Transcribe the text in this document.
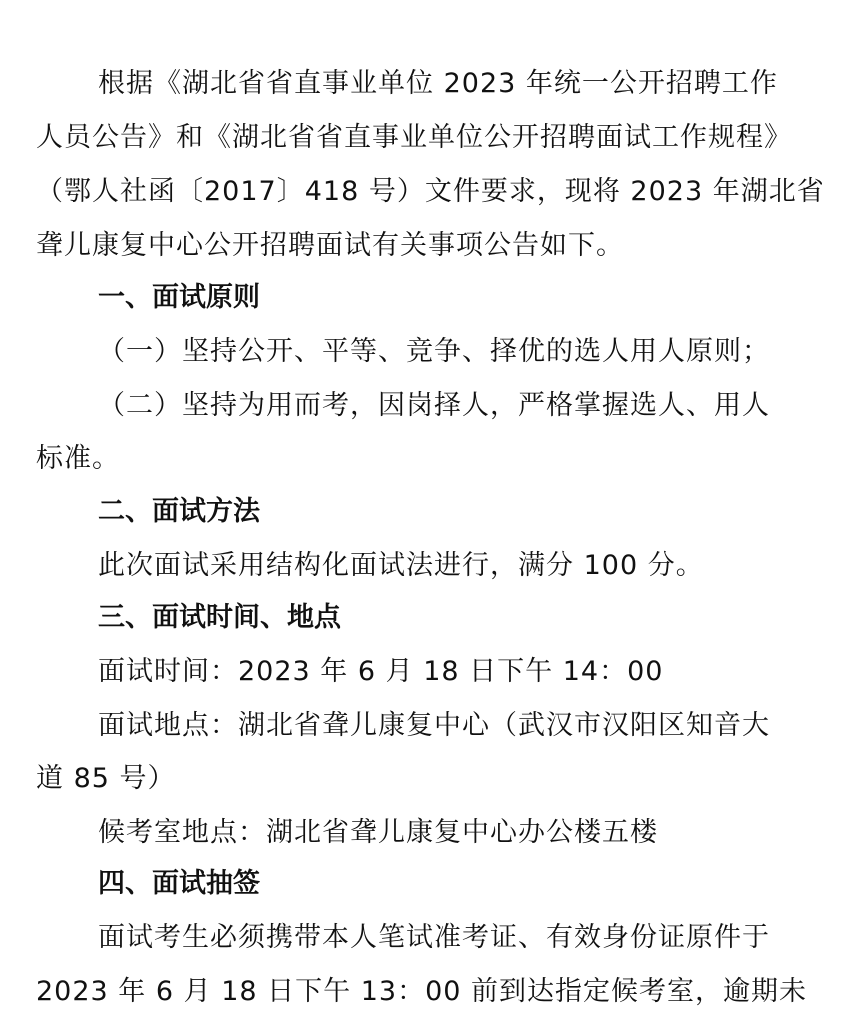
根据《湖北省省直事业单位 2023 年统一公开招聘工作
人员公告》和《湖北省省直事业单位公开招聘面试工作规程》
（鄂人社函〔2017〕418 号）文件要求，现将 2023 年湖北省
聋儿康复中心公开招聘面试有关事项公告如下。
一、面试原则
（一）坚持公开、平等、竞争、择优的选人用人原则；
（二）坚持为用而考，因岗择人，严格掌握选人、用人
标准。
二、面试方法
此次面试采用结构化面试法进行，满分 100 分。
三、面试时间、地点
面试时间：2023 年 6 月 18 日下午 14：00
面试地点：湖北省聋儿康复中心（武汉市汉阳区知音大
道 85 号）
候考室地点：湖北省聋儿康复中心办公楼五楼
四、面试抽签
面试考生必须携带本人笔试准考证、有效身份证原件于
2023 年 6 月 18 日下午 13：00 前到达指定候考室，逾期未
